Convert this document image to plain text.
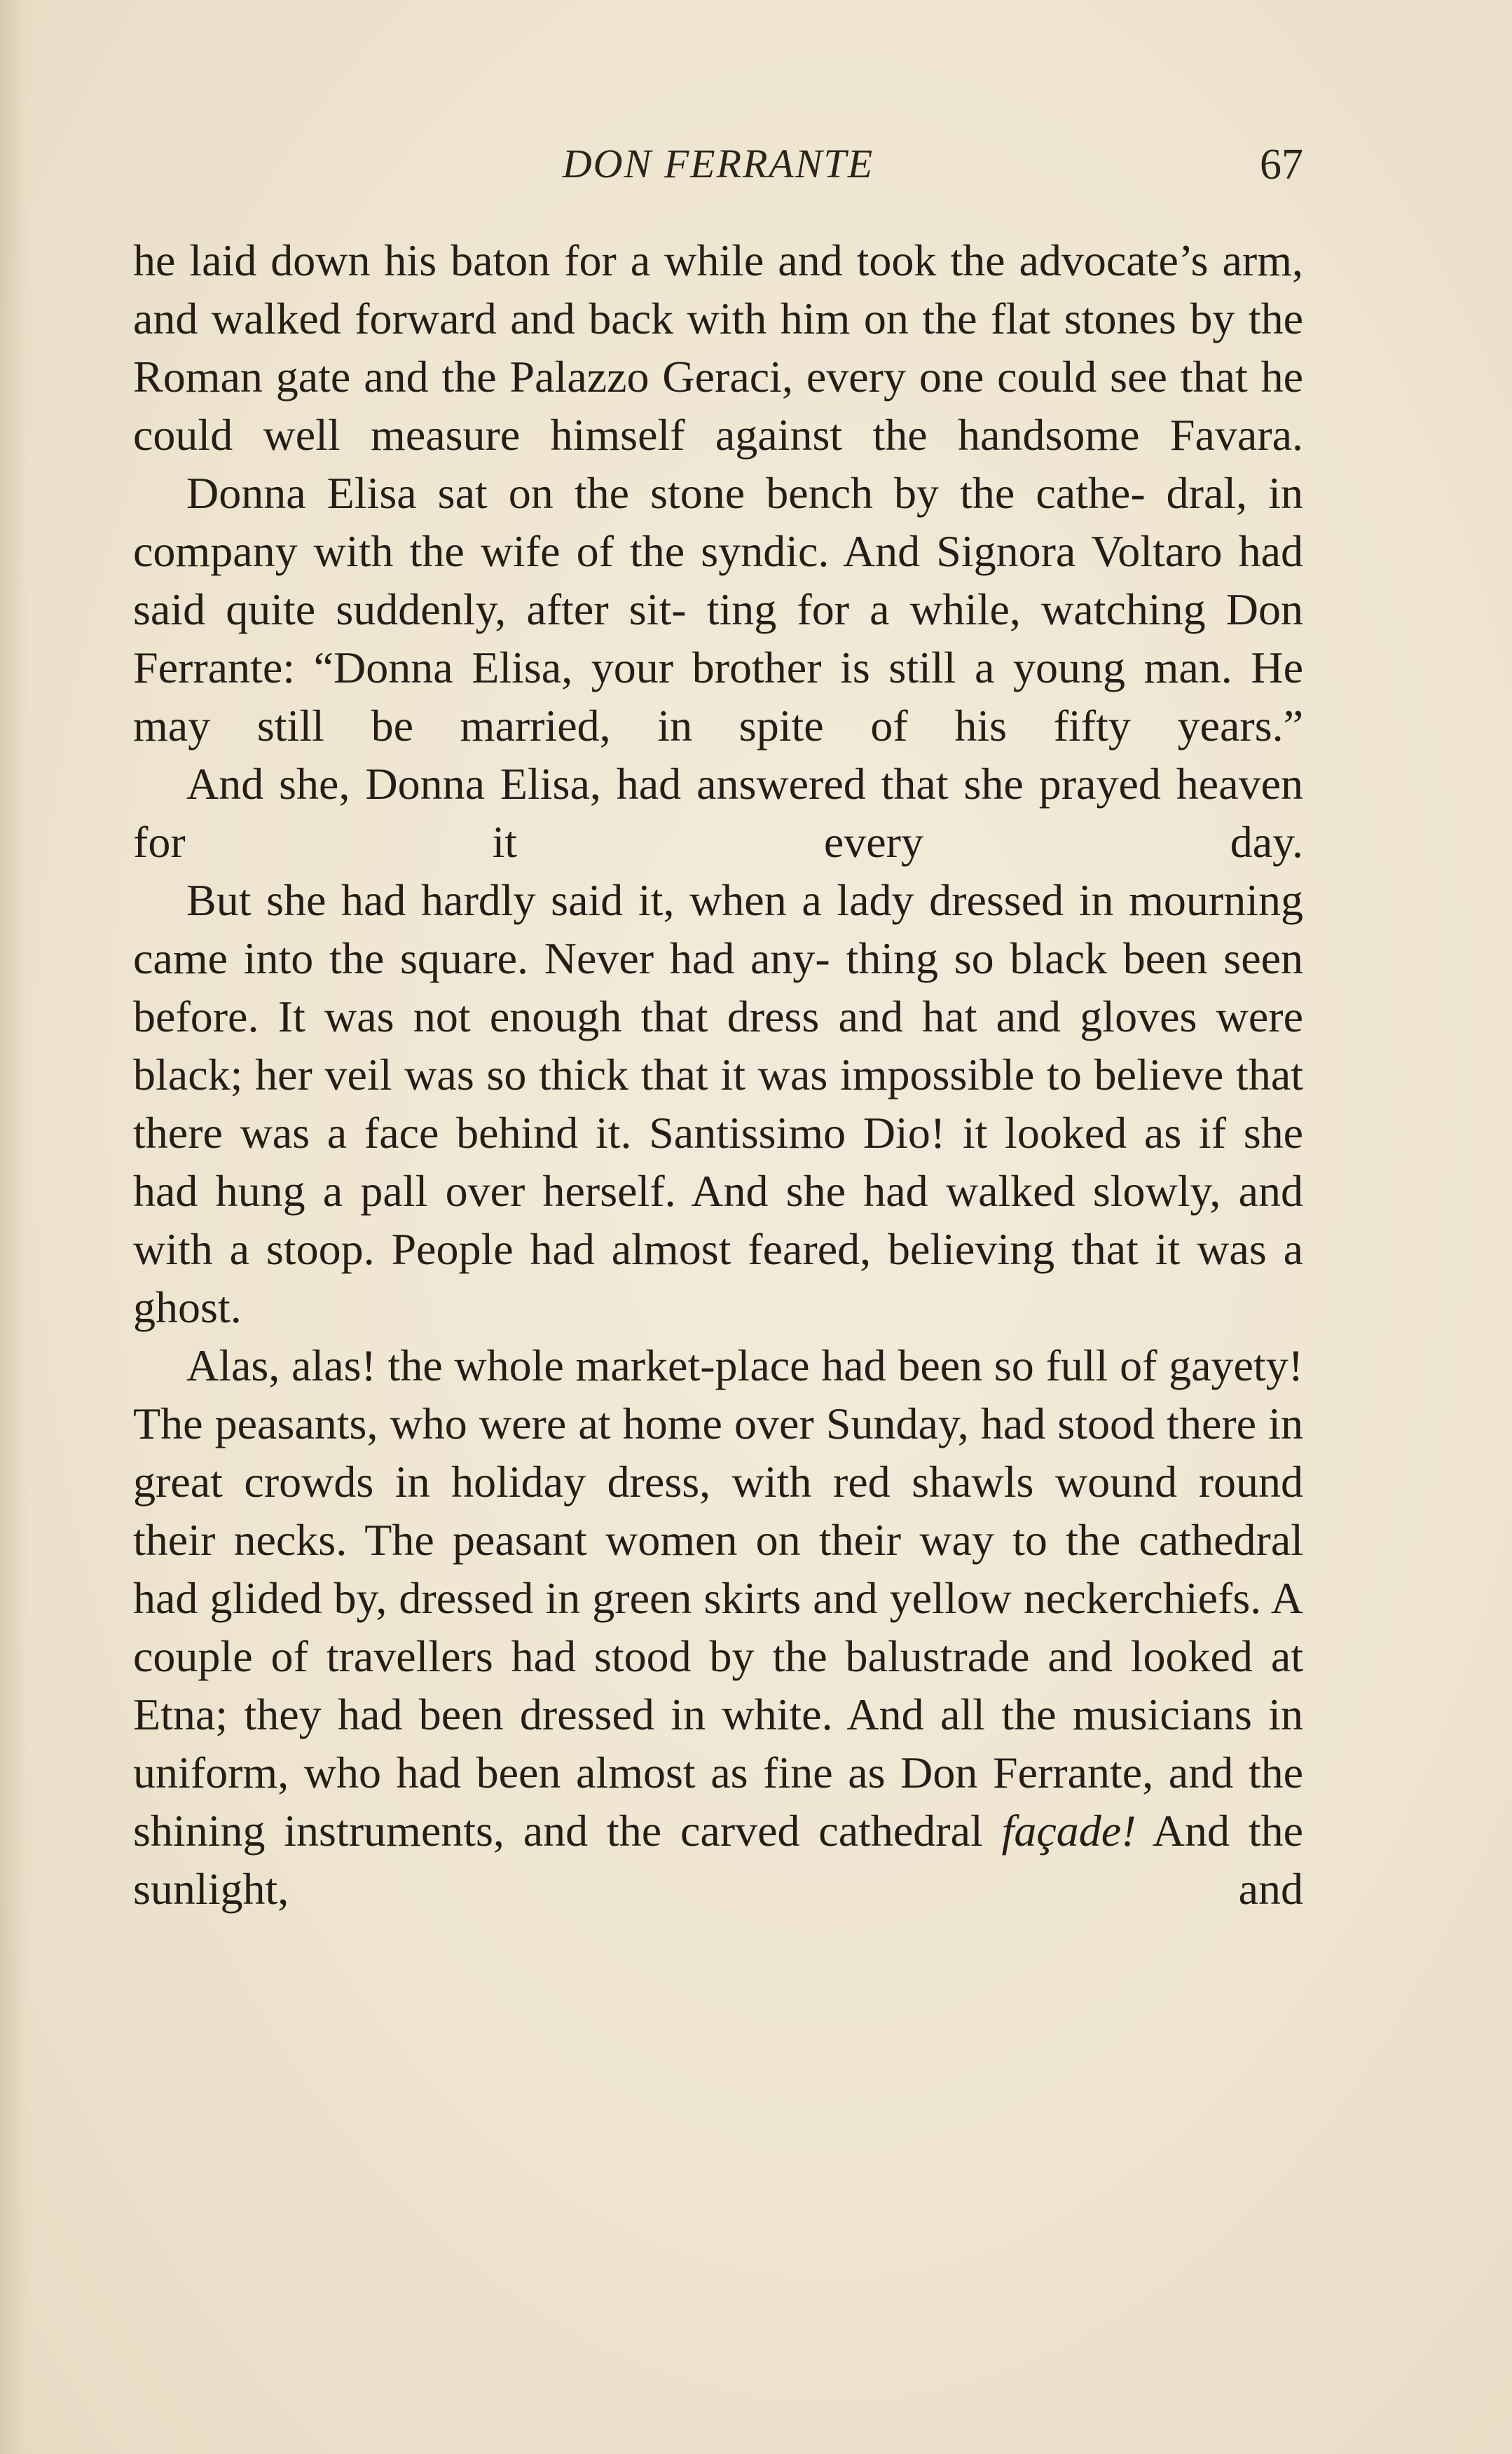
DON FERRANTE	67

he laid down his baton for a while and took the advocate’s arm, and walked forward and back with him on the flat stones by the Roman gate and the Palazzo Geraci, every one could see that he could well measure himself against the handsome Favara.

Donna Elisa sat on the stone bench by the cathe- dral, in company with the wife of the syndic. And Signora Voltaro had said quite suddenly, after sit- ting for a while, watching Don Ferrante: “Donna Elisa, your brother is still a young man. He may still be married, in spite of his fifty years.”

And she, Donna Elisa, had answered that she prayed heaven for it every day.

But she had hardly said it, when a lady dressed in mourning came into the square. Never had any- thing so black been seen before. It was not enough that dress and hat and gloves were black; her veil was so thick that it was impossible to believe that there was a face behind it. Santissimo Dio! it looked as if she had hung a pall over herself. And she had walked slowly, and with a stoop. People had almost feared, believing that it was a ghost.

Alas, alas! the whole market-place had been so full of gayety! The peasants, who were at home over Sunday, had stood there in great crowds in holiday dress, with red shawls wound round their necks. The peasant women on their way to the cathedral had glided by, dressed in green skirts and yellow neckerchiefs. A couple of travellers had stood by the balustrade and looked at Etna; they had been dressed in white. And all the musicians in uniform, who had been almost as fine as Don Ferrante, and the shining instruments, and the carved cathedral façade! And the sunlight, and
